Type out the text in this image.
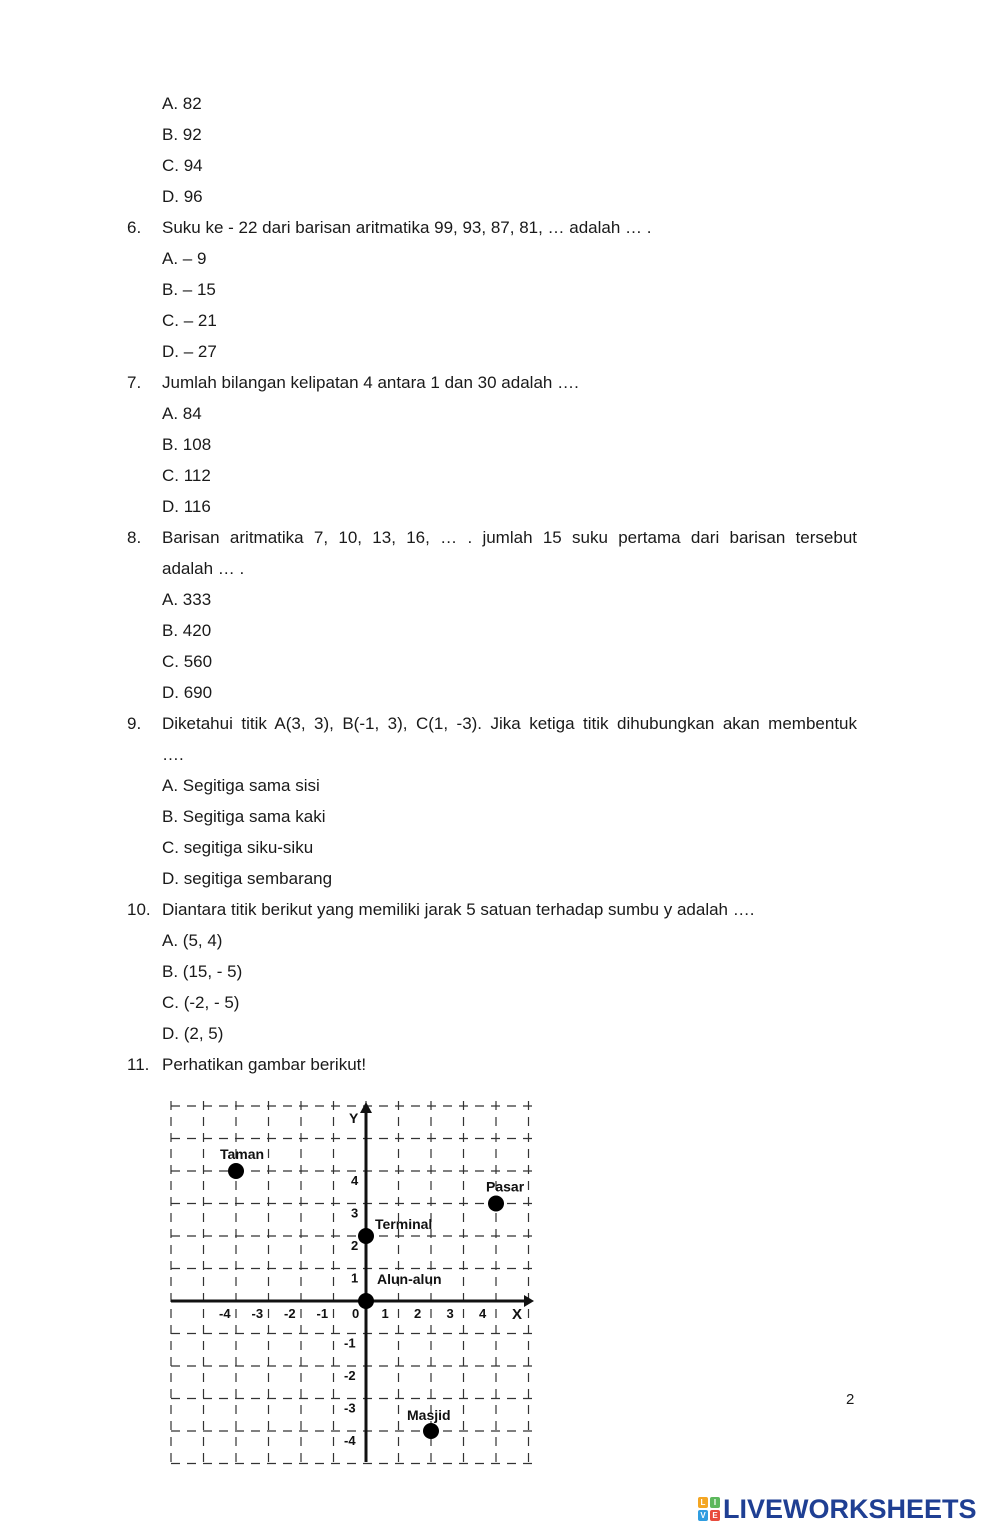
A. 82
B. 92
C. 94
D. 96
6. Suku ke - 22 dari barisan aritmatika 99, 93, 87, 81, … adalah … .
A. – 9
B. – 15
C. – 21
D. – 27
7. Jumlah bilangan kelipatan 4 antara 1 dan 30 adalah ….
A. 84
B. 108
C. 112
D. 116
8. Barisan aritmatika 7, 10, 13, 16, … . jumlah 15 suku pertama dari barisan tersebut
adalah … .
A. 333
B. 420
C. 560
D. 690
9. Diketahui titik A(3, 3), B(-1, 3), C(1, -3). Jika ketiga titik dihubungkan akan membentuk
….
A. Segitiga sama sisi
B. Segitiga sama kaki
C. segitiga siku-siku
D. segitiga sembarang
10. Diantara titik berikut yang memiliki jarak 5 satuan terhadap sumbu y adalah ….
A. (5, 4)
B. (15, - 5)
C. (-2, - 5)
D. (2, 5)
11. Perhatikan gambar berikut!
X
Y
-4 -3 -2 -1 0 1 2 3 4
4
3
2
1
-1
-2
-3
-4
Taman
Pasar
Terminal
Alun-alun
Masjid
2
L	I
V E LIVEWORKSHEETS
